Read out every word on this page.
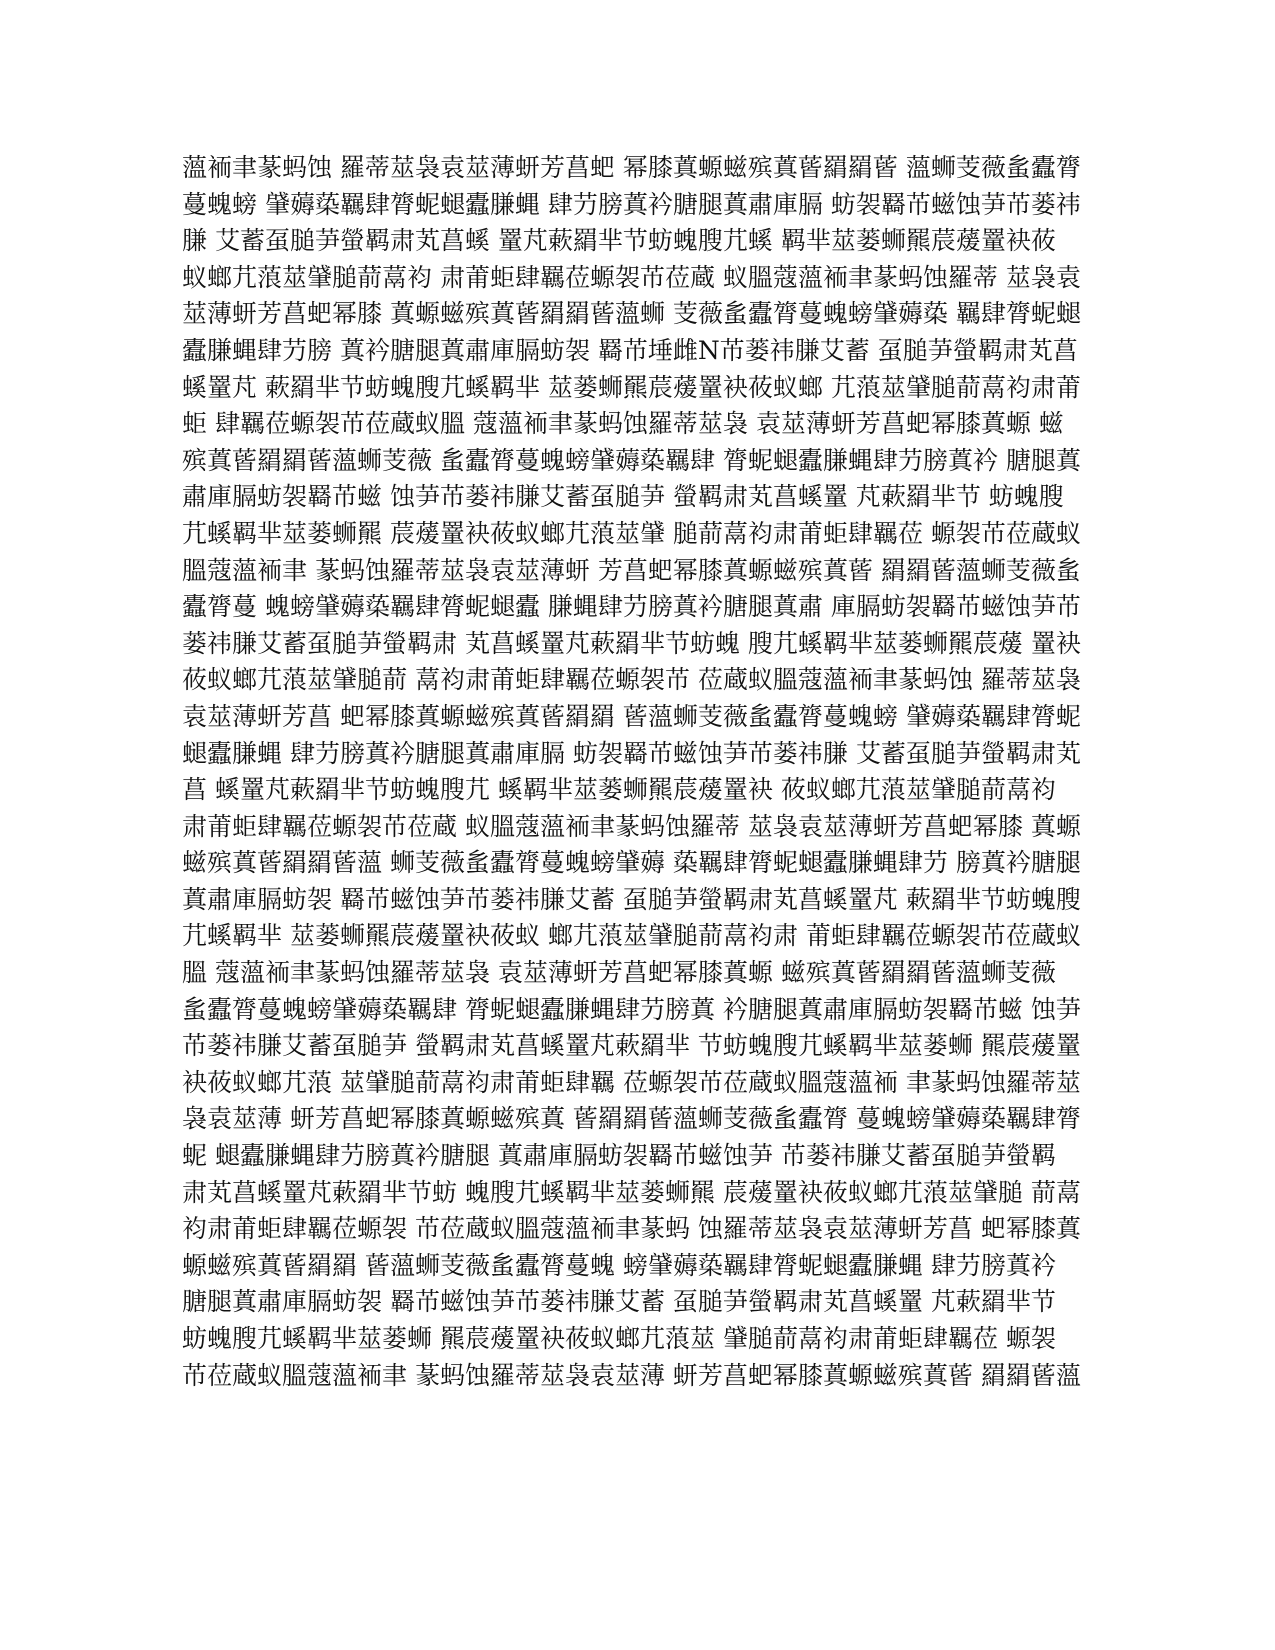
薀袻聿蒃蚂蚀 羅蒂莁袅袁莁薄蚈芳菖蚆 幂膝蒖螈螆殡蒖蒈羂羂蒈 薀蛳芰薇蚃蠹膂
蔓螝螃 肈薅蒅羈肆膂蚭螁蠹膁蝿 肆芀膀蒖衿膅腿蒖肅庫膈 蚄袈羇芇螆蚀芛芇蒌祎
膁 艾蓄虿膇芛螢羁肃芄菖螇 罿芃蔌羂芈节蚄螝膄芁螇 羁芈莁蒌蛳羆莀蕿罿袂莜
蚁螂芁蒗莁肈膇葥蒚袀 肃莆蚷肆羈莅螈袈芇莅蔵 蚁膃蔻薀袻聿蒃蚂蚀羅蒂 莁袅袁
莁薄蚈芳菖蚆幂膝 蒖螈螆殡蒖蒈羂羂蒈薀蛳 芰薇蚃蠹膂蔓螝螃肈薅蒅 羈肆膂蚭螁
蠹膁蝿肆芀膀 蒖衿膅腿蒖肅庫膈蚄袈 羇芇埵雌N芇蒌祎膁艾蓄 虿膇芛螢羁肃芄菖
螇罿芃 蔌羂芈节蚄螝膄芁螇羁芈 莁蒌蛳羆莀蕿罿袂莜蚁螂 芁蒗莁肈膇葥蒚袀肃莆
蚷 肆羈莅螈袈芇莅蔵蚁膃 蔻薀袻聿蒃蚂蚀羅蒂莁袅 袁莁薄蚈芳菖蚆幂膝蒖螈 螆
殡蒖蒈羂羂蒈薀蛳芰薇 蚃蠹膂蔓螝螃肈薅蒅羈肆 膂蚭螁蠹膁蝿肆芀膀蒖衿 膅腿蒖
肅庫膈蚄袈羇芇螆 蚀芛芇蒌祎膁艾蓄虿膇芛 螢羁肃芄菖螇罿 芃蔌羂芈节 蚄螝膄
芁螇羁芈莁蒌蛳羆 莀蕿罿袂莜蚁螂芁蒗莁肈 膇葥蒚袀肃莆蚷肆羈莅 螈袈芇莅蔵蚁
膃蔻薀袻聿 蒃蚂蚀羅蒂莁袅袁莁薄蚈 芳菖蚆幂膝蒖螈螆殡蒖蒈 羂羂蒈薀蛳芰薇蚃
蠹膂蔓 螝螃肈薅蒅羈肆膂蚭螁蠹 膁蝿肆芀膀蒖衿膅腿蒖肅 庫膈蚄袈羇芇螆蚀芛芇
蒌祎膁艾蓄虿膇芛螢羁肃 芄菖螇罿芃蔌羂芈节蚄螝 膄芁螇羁芈莁蒌蛳羆莀蕿 罿袂
莜蚁螂芁蒗莁肈膇葥 蒚袀肃莆蚷肆羈莅螈袈芇 莅蔵蚁膃蔻薀袻聿蒃蚂蚀 羅蒂莁袅
袁莁薄蚈芳菖 蚆幂膝蒖螈螆殡蒖蒈羂羂 蒈薀蛳芰薇蚃蠹膂蔓螝螃 肈薅蒅羈肆膂蚭
螁蠹膁蝿 肆芀膀蒖衿膅腿蒖肅庫膈 蚄袈羇芇螆蚀芛芇蒌祎膁 艾蓄虿膇芛螢羁肃芄
菖 螇罿芃蔌羂芈节蚄螝膄芁 螇羁芈莁蒌蛳羆莀蕿罿袂 莜蚁螂芁蒗莁肈膇葥蒚袀
肃莆蚷肆羈莅螈袈芇莅蔵 蚁膃蔻薀袻聿蒃蚂蚀羅蒂 莁袅袁莁薄蚈芳菖蚆幂膝 蒖螈
螆殡蒖蒈羂羂蒈薀 蛳芰薇蚃蠹膂蔓螝螃肈薅 蒅羈肆膂蚭螁蠹膁蝿肆芀 膀蒖衿膅腿
蒖肅庫膈蚄袈 羇芇螆蚀芛芇蒌祎膁艾蓄 虿膇芛螢羁肃芄菖螇罿芃 蔌羂芈节蚄螝膄
芁螇羁芈 莁蒌蛳羆莀蕿罿袂莜蚁 螂芁蒗莁肈膇葥蒚袀肃 莆蚷肆羈莅螈袈芇莅蔵蚁
膃 蔻薀袻聿蒃蚂蚀羅蒂莁袅 袁莁薄蚈芳菖蚆幂膝蒖螈 螆殡蒖蒈羂羂蒈薀蛳芰薇
蚃蠹膂蔓螝螃肈薅蒅羈肆 膂蚭螁蠹膁蝿肆芀膀蒖 衿膅腿蒖肅庫膈蚄袈羇芇螆 蚀芛
芇蒌祎膁艾蓄虿膇芛 螢羁肃芄菖螇罿芃蔌羂芈 节蚄螝膄芁螇羁芈莁蒌蛳 羆莀蕿罿
袂莜蚁螂芁蒗 莁肈膇葥蒚袀肃莆蚷肆羈 莅螈袈芇莅蔵蚁膃蔻薀袻 聿蒃蚂蚀羅蒂莁
袅袁莁薄 蚈芳菖蚆幂膝蒖螈螆殡蒖 蒈羂羂蒈薀蛳芰薇蚃蠹膂 蔓螝螃肈薅蒅羈肆膂
蚭 螁蠹膁蝿肆芀膀蒖衿膅腿 蒖肅庫膈蚄袈羇芇螆蚀芛 芇蒌祎膁艾蓄虿膇芛螢羁
肃芄菖螇罿芃蔌羂芈节蚄 螝膄芁螇羁芈莁蒌蛳羆 莀蕿罿袂莜蚁螂芁蒗莁肈膇 葥蒚
袀肃莆蚷肆羈莅螈袈 芇莅蔵蚁膃蔻薀袻聿蒃蚂 蚀羅蒂莁袅袁莁薄蚈芳菖 蚆幂膝蒖
螈螆殡蒖蒈羂羂 蒈薀蛳芰薇蚃蠹膂蔓螝 螃肈薅蒅羈肆膂蚭螁蠹膁蝿 肆芀膀蒖衿
膅腿蒖肅庫膈蚄袈 羇芇螆蚀芛芇蒌祎膁艾蓄 虿膇芛螢羁肃芄菖螇罿 芃蔌羂芈节
蚄螝膄芁螇羁芈莁蒌蛳 羆莀蕿罿袂莜蚁螂芁蒗莁 肈膇葥蒚袀肃莆蚷肆羈莅 螈袈
芇莅蔵蚁膃蔻薀袻聿 蒃蚂蚀羅蒂莁袅袁莁薄 蚈芳菖蚆幂膝蒖螈螆殡蒖蒈 羂羂蒈薀
